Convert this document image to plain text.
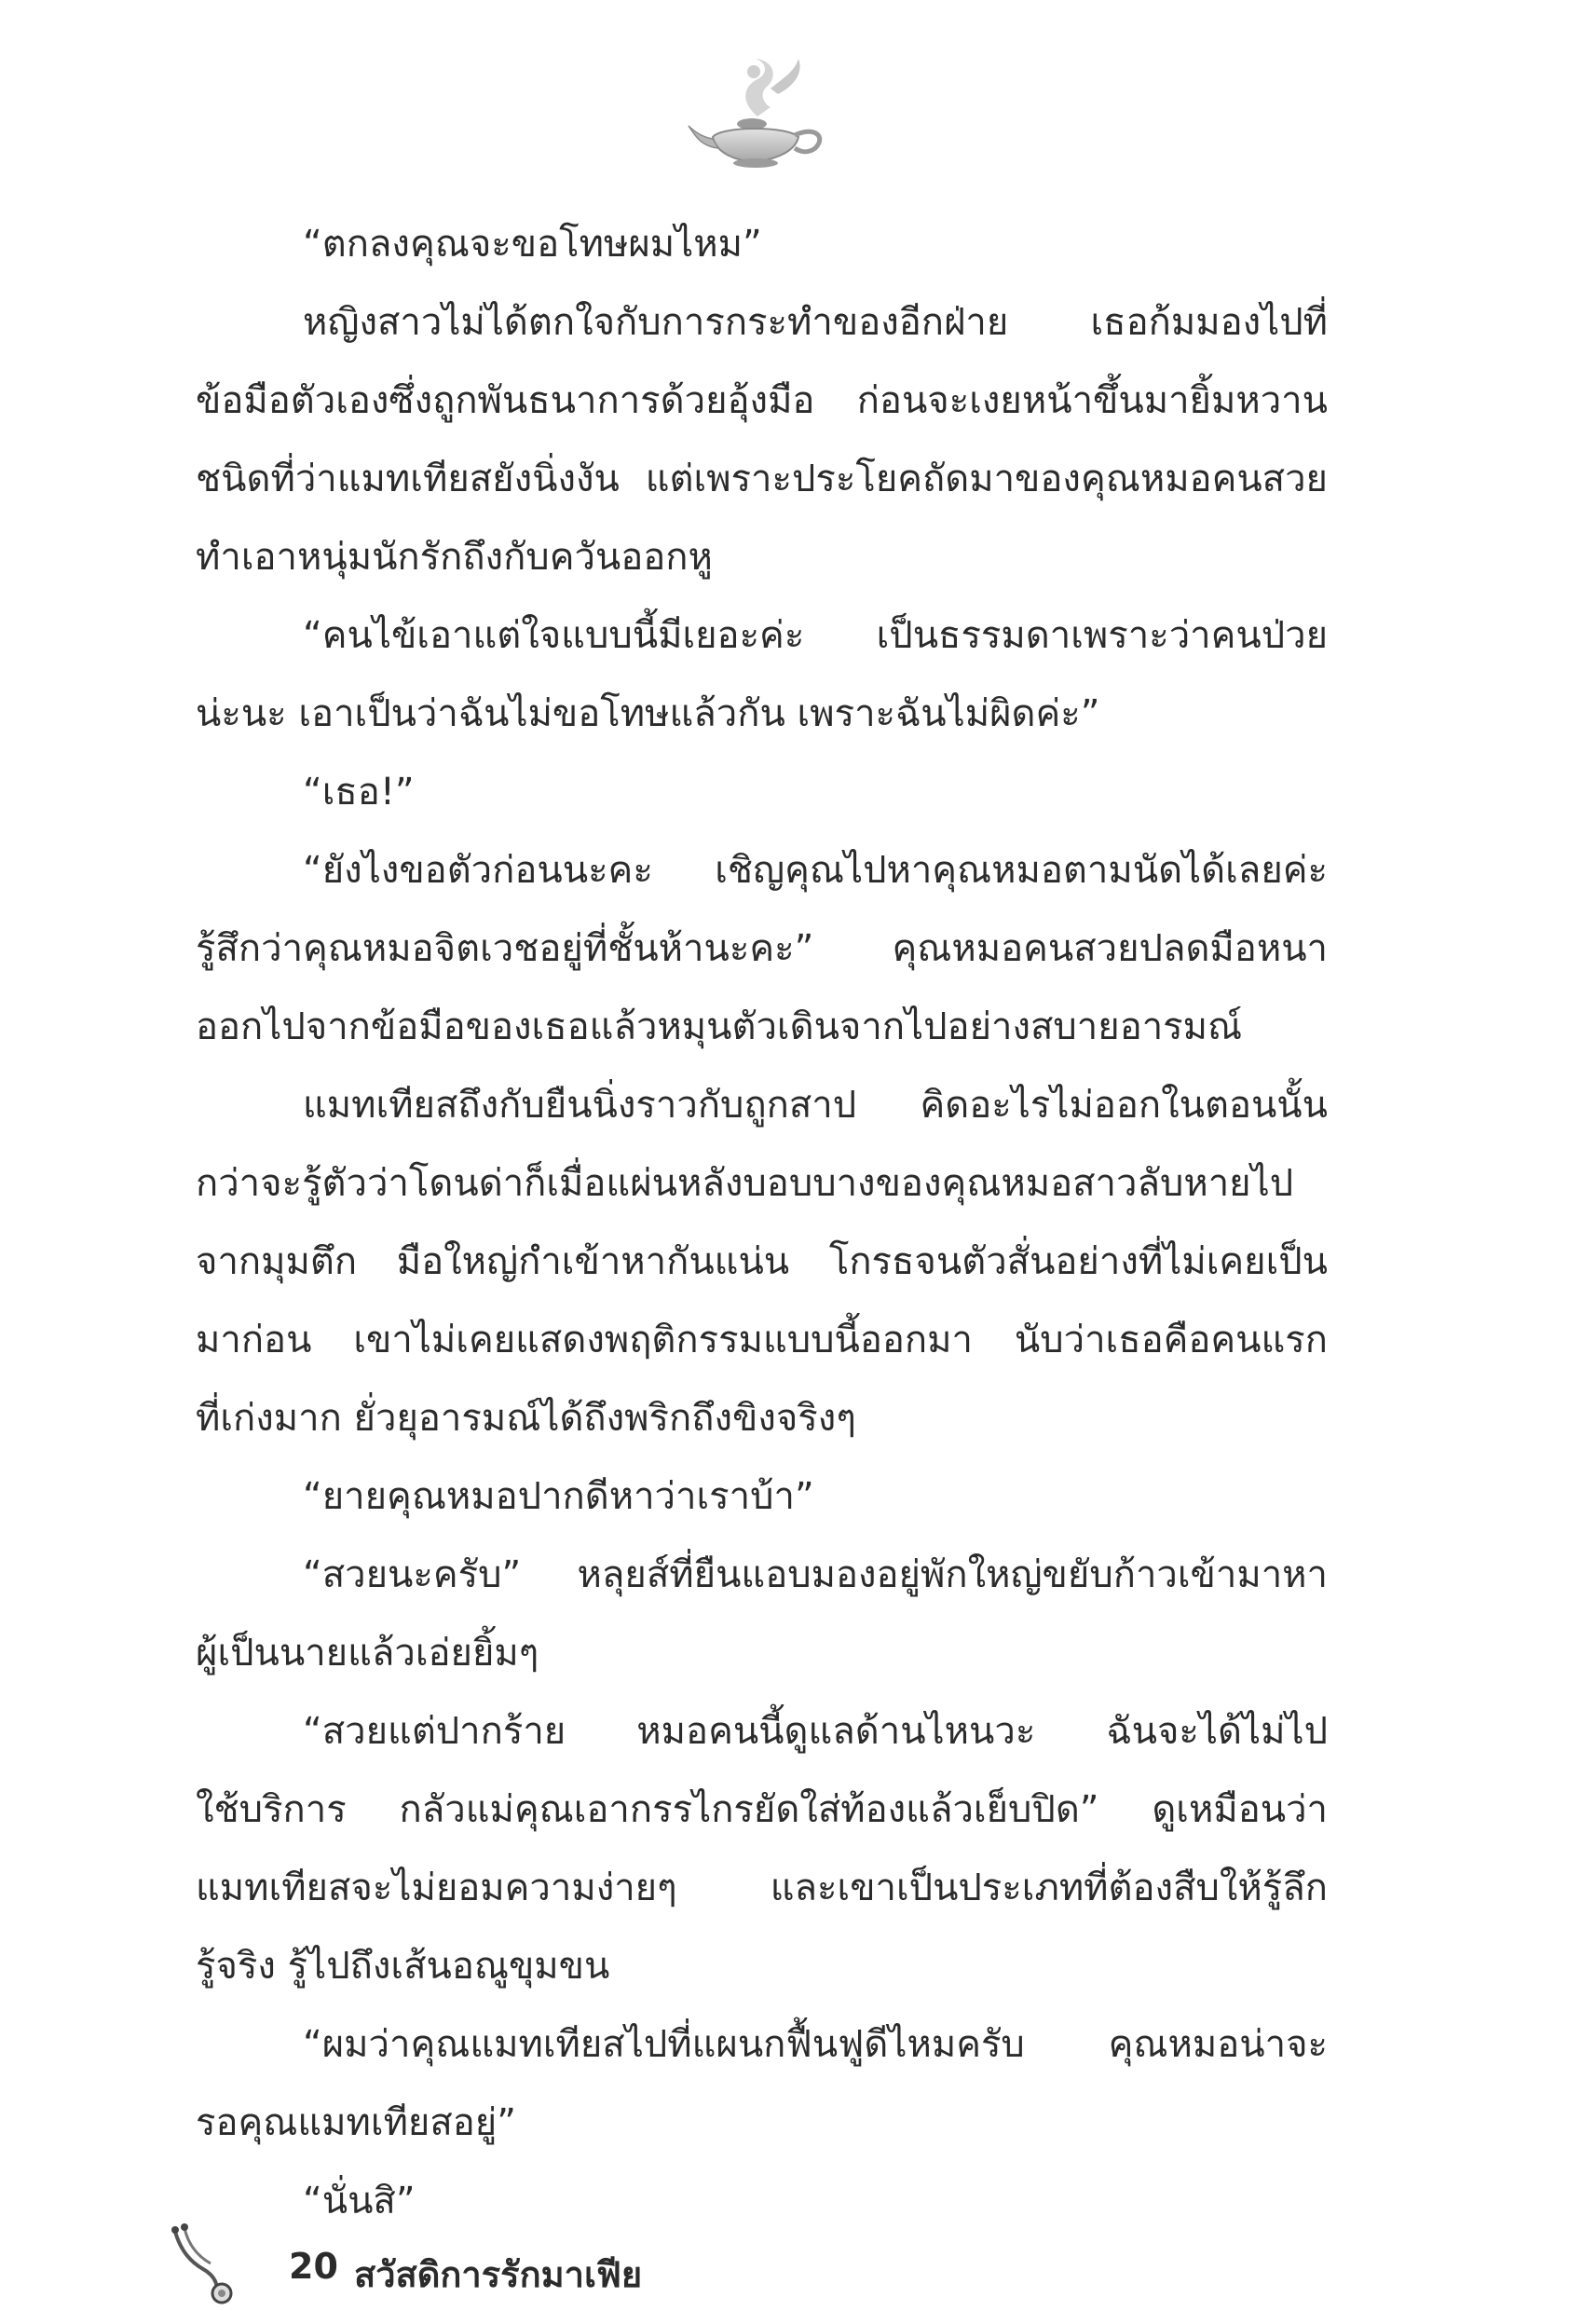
“ตกลงคุณจะขอโทษผมไหม”
หญิงสาวไม่ได้ตกใจกับการกระทำของอีกฝ่าย เธอก้มมองไปที่
ข้อมือตัวเองซึ่งถูกพันธนาการด้วยอุ้งมือ ก่อนจะเงยหน้าขึ้นมายิ้มหวาน
ชนิดที่ว่าแมทเทียสยังนิ่งงัน แต่เพราะประโยคถัดมาของคุณหมอคนสวย
ทำเอาหนุ่มนักรักถึงกับควันออกหู
“คนไข้เอาแต่ใจแบบนี้มีเยอะค่ะ เป็นธรรมดาเพราะว่าคนป่วย
น่ะนะ เอาเป็นว่าฉันไม่ขอโทษแล้วกัน เพราะฉันไม่ผิดค่ะ”
“เธอ!”
“ยังไงขอตัวก่อนนะคะ เชิญคุณไปหาคุณหมอตามนัดได้เลยค่ะ
รู้สึกว่าคุณหมอจิตเวชอยู่ที่ชั้นห้านะคะ” คุณหมอคนสวยปลดมือหนา
ออกไปจากข้อมือของเธอแล้วหมุนตัวเดินจากไปอย่างสบายอารมณ์
แมทเทียสถึงกับยืนนิ่งราวกับถูกสาป คิดอะไรไม่ออกในตอนนั้น
กว่าจะรู้ตัวว่าโดนด่าก็เมื่อแผ่นหลังบอบบางของคุณหมอสาวลับหายไป
จากมุมตึก มือใหญ่กำเข้าหากันแน่น โกรธจนตัวสั่นอย่างที่ไม่เคยเป็น
มาก่อน เขาไม่เคยแสดงพฤติกรรมแบบนี้ออกมา นับว่าเธอคือคนแรก
ที่เก่งมาก ยั่วยุอารมณ์ได้ถึงพริกถึงขิงจริงๆ
“ยายคุณหมอปากดีหาว่าเราบ้า”
“สวยนะครับ” หลุยส์ที่ยืนแอบมองอยู่พักใหญ่ขยับก้าวเข้ามาหา
ผู้เป็นนายแล้วเอ่ยยิ้มๆ
“สวยแต่ปากร้าย หมอคนนี้ดูแลด้านไหนวะ ฉันจะได้ไม่ไป
ใช้บริการ กลัวแม่คุณเอากรรไกรยัดใส่ท้องแล้วเย็บปิด” ดูเหมือนว่า
แมทเทียสจะไม่ยอมความง่ายๆ และเขาเป็นประเภทที่ต้องสืบให้รู้ลึก
รู้จริง รู้ไปถึงเส้นอณูขุมขน
“ผมว่าคุณแมทเทียสไปที่แผนกฟื้นฟูดีไหมครับ คุณหมอน่าจะ
รอคุณแมทเทียสอยู่”
“นั่นสิ”
20 สวัสดิการรักมาเฟีย
